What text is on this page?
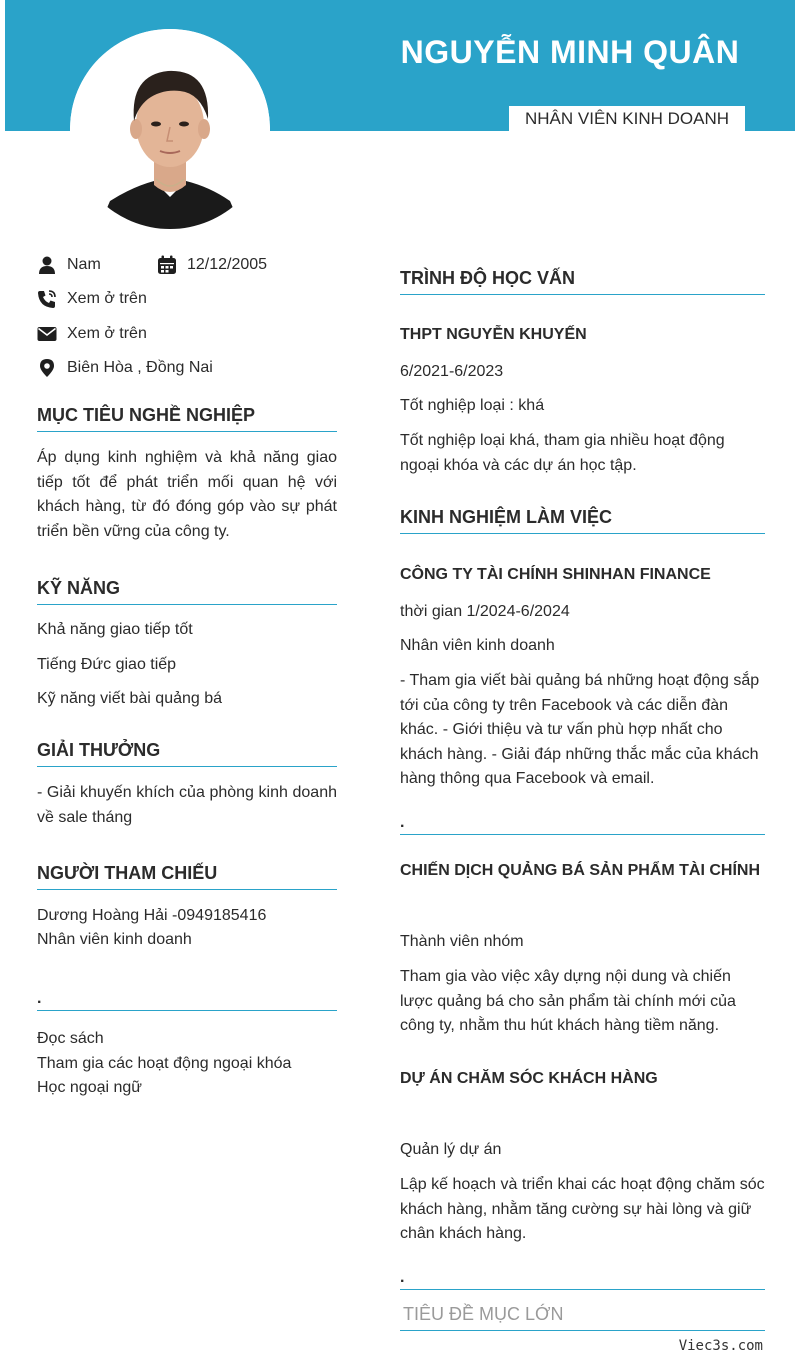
NGUYỄN MINH QUÂN
NHÂN VIÊN KINH DOANH
Nam	12/12/2005
Xem ở trên
Xem ở trên
Biên Hòa , Đồng Nai
MỤC TIÊU NGHỀ NGHIỆP
Áp dụng kinh nghiệm và khả năng giao tiếp tốt để phát triển mối quan hệ với khách hàng, từ đó đóng góp vào sự phát triển bền vững của công ty.
KỸ NĂNG
Khả năng giao tiếp tốt
Tiếng Đức giao tiếp
Kỹ năng viết bài quảng bá
GIẢI THƯỞNG
- Giải khuyến khích của phòng kinh doanh về sale tháng
NGƯỜI THAM CHIẾU
Dương Hoàng Hải -0949185416
Nhân viên kinh doanh
.
Đọc sách
Tham gia các hoạt động ngoại khóa
Học ngoại ngữ
TRÌNH ĐỘ HỌC VẤN
THPT NGUYỄN KHUYẾN
6/2021-6/2023
Tốt nghiệp loại : khá
Tốt nghiệp loại khá, tham gia nhiều hoạt động ngoại khóa và các dự án học tập.
KINH NGHIỆM LÀM VIỆC
CÔNG TY TÀI CHÍNH SHINHAN FINANCE
thời gian 1/2024-6/2024
Nhân viên kinh doanh
- Tham gia viết bài quảng bá những hoạt động sắp tới của công ty trên Facebook và các diễn đàn khác. - Giới thiệu và tư vấn phù hợp nhất cho khách hàng. - Giải đáp những thắc mắc của khách hàng thông qua Facebook và email.
.
CHIẾN DỊCH QUẢNG BÁ SẢN PHẨM TÀI CHÍNH
Thành viên nhóm
Tham gia vào việc xây dựng nội dung và chiến lược quảng bá cho sản phẩm tài chính mới của công ty, nhằm thu hút khách hàng tiềm năng.
DỰ ÁN CHĂM SÓC KHÁCH HÀNG
Quản lý dự án
Lập kế hoạch và triển khai các hoạt động chăm sóc khách hàng, nhằm tăng cường sự hài lòng và giữ chân khách hàng.
.
TIÊU ĐỀ MỤC LỚN
Viec3s.com
